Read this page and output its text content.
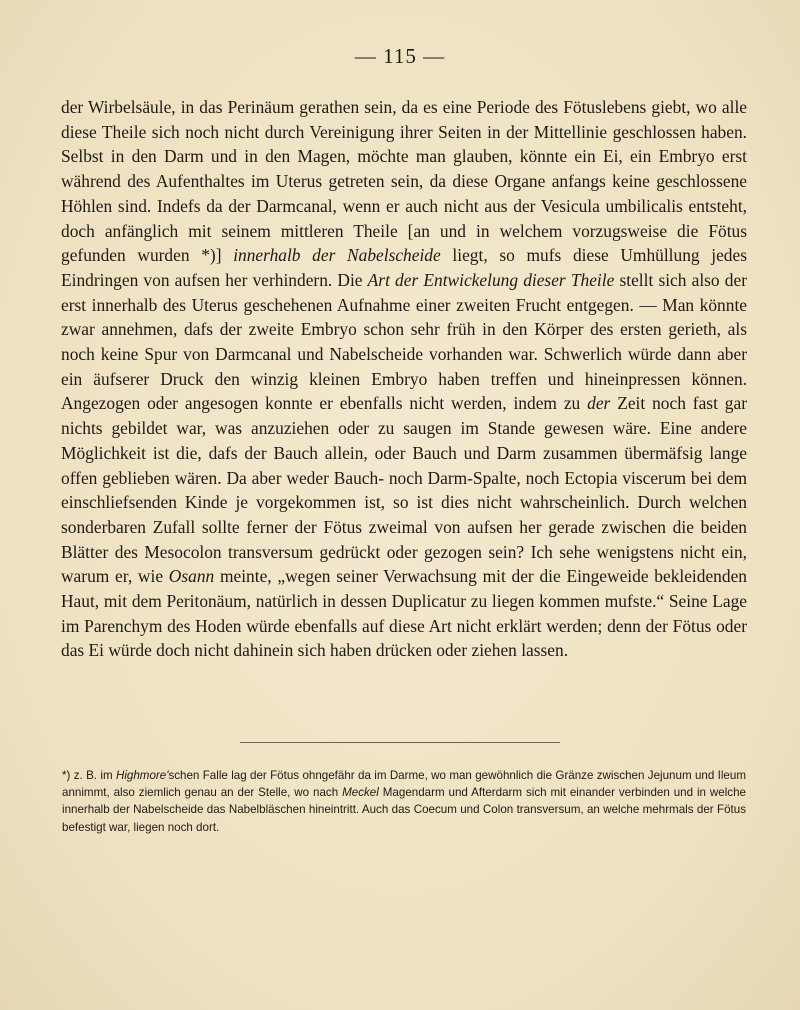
— 115 —

der Wirbelsäule, in das Perinäum gerathen sein, da es eine Periode des Fötuslebens giebt, wo alle diese Theile sich noch nicht durch Vereinigung ihrer Seiten in der Mittellinie geschlossen haben. Selbst in den Darm und in den Magen, möchte man glauben, könnte ein Ei, ein Embryo erst während des Aufenthaltes im Uterus getreten sein, da diese Organe anfangs keine geschlossene Höhlen sind. Indefs da der Darmcanal, wenn er auch nicht aus der Vesicula umbilicalis entsteht, doch anfänglich mit seinem mittleren Theile [an und in welchem vorzugsweise die Fötus gefunden wurden *)] innerhalb der Nabelscheide liegt, so mufs diese Umhüllung jedes Eindringen von aufsen her verhindern. Die Art der Entwickelung dieser Theile stellt sich also der erst innerhalb des Uterus geschehenen Aufnahme einer zweiten Frucht entgegen. — Man könnte zwar annehmen, dafs der zweite Embryo schon sehr früh in den Körper des ersten gerieth, als noch keine Spur von Darmcanal und Nabelscheide vorhanden war. Schwerlich würde dann aber ein äufserer Druck den winzig kleinen Embryo haben treffen und hineinpressen können. Angezogen oder angesogen konnte er ebenfalls nicht werden, indem zu der Zeit noch fast gar nichts gebildet war, was anzuziehen oder zu saugen im Stande gewesen wäre. Eine andere Möglichkeit ist die, dafs der Bauch allein, oder Bauch und Darm zusammen übermäfsig lange offen geblieben wären. Da aber weder Bauch- noch Darm-Spalte, noch Ectopia viscerum bei dem einschliefsenden Kinde je vorgekommen ist, so ist dies nicht wahrscheinlich. Durch welchen sonderbaren Zufall sollte ferner der Fötus zweimal von aufsen her gerade zwischen die beiden Blätter des Mesocolon transversum gedrückt oder gezogen sein? Ich sehe wenigstens nicht ein, warum er, wie Osann meinte, „wegen seiner Verwachsung mit der die Eingeweide bekleidenden Haut, mit dem Peritonäum, natürlich in dessen Duplicatur zu liegen kommen mufste.“ Seine Lage im Parenchym des Hoden würde ebenfalls auf diese Art nicht erklärt werden; denn der Fötus oder das Ei würde doch nicht dahinein sich haben drücken oder ziehen lassen.

*) z. B. im Highmore'schen Falle lag der Fötus ohngefähr da im Darme, wo man gewöhnlich die Gränze zwischen Jejunum und Ileum annimmt, also ziemlich genau an der Stelle, wo nach Meckel Magendarm und Afterdarm sich mit einander verbinden und in welche innerhalb der Nabelscheide das Nabelbläschen hineintritt. Auch das Coecum und Colon transversum, an welche mehrmals der Fötus befestigt war, liegen noch dort.
